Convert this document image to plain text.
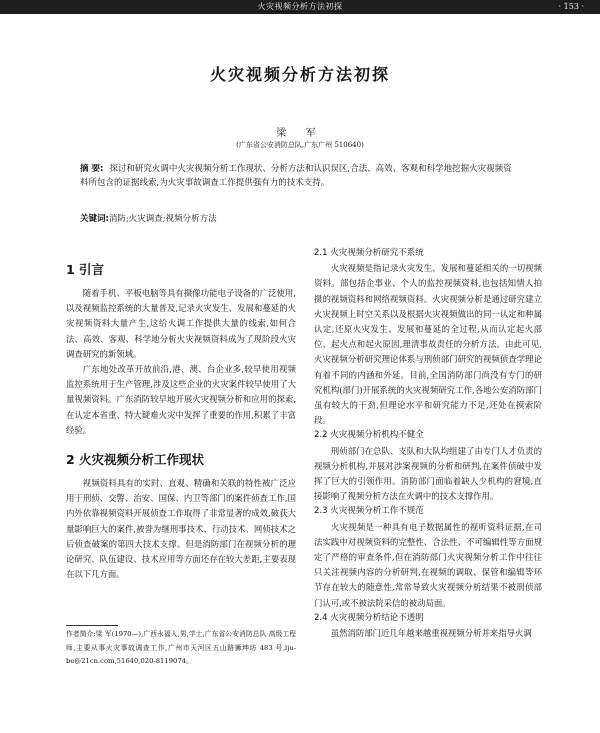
火灾视频分析方法初探	· 153 ·
火灾视频分析方法初探
梁 军
(广东省公安消防总队,广东广州 510640)
摘 要: 探讨和研究火调中火灾视频分析工作现状、分析方法和认识误区,合法、高效、客观和科学地挖掘火灾视频资料所包含的证据线索,为火灾事故调查工作提供强有力的技术支持。
关键词:消防;火灾调查;视频分析方法
1 引言

随着手机、平板电脑等具有摄像功能电子设备的广泛使用,以及视频监控系统的大量普及,记录火灾发生、发展和蔓延的火灾视频资料大量产生,这给火调工作提供大量的线索,如何合法、高效、客观、科学地分析火灾视频资料成为了现阶段火灾调查研究的新领域。

广东地处改革开放前沿,港、澳、台企业多,较早使用视频监控系统用于生产管理,涉及这些企业的火灾案件较早使用了大量视频资料。广东消防较早地开展火灾视频分析和应用的探索,在认定本省重、特大疑难火灾中发挥了重要的作用,积累了丰富经验。

2 火灾视频分析工作现状

视频资料具有的实时、直观、精确和关联的特性被广泛应用于刑侦、交警、治安、国保、内卫等部门的案件侦查工作,国内外依靠视频资料开展侦查工作取得了非常显著的成效,破获大量影响巨大的案件,被誉为继刑事技术、行动技术、网侦技术之后侦查破案的第四大技术支撑。但是消防部门在视频分析的理论研究、队伍建设、技术应用等方面还存在较大差距,主要表现在以下几方面。

作者简介:梁 军(1970—),广西永福人,男,学士,广东省公安消防总队 高级工程师,主要从事火灾事故调查工作,广州市天河区五山路狮坤坊 483 号,lju-be@21cn.com,51640,020-8119074。
2.1 火灾视频分析研究不系统

火灾视频是指记录火灾发生、发展和蔓延相关的一切视频资料。部包括企事业、个人的监控视频资料,也包括知情人拍摄的视频资料和网络视频资料。火灾视频分析是通过研究建立火灾视频上时空关系以及根据火灾视频做出的同一认定和种属认定,还原火灾发生、发展和蔓延的全过程,从而认定起火部位、起火点和起火原因,理清事故责任的分析方法。由此可见,火灾视频分析研究理论体系与刑侦部门研究的视频侦查学理论有着不同的内涵和外延。目前,全国消防部门尚没有专门的研究机构(部门)开展系统的火灾视频研究工作,各地公安消防部门虽有较大的干劲,但理论水平和研究能力不足,还处在摸索阶段。

2.2 火灾视频分析机构不健全

刑侦部门在总队、支队和大队均组建了由专门人才负责的视频分析机构,并展对涉案视频的分析和研判,在案件侦破中发挥了巨大的引领作用。消防部门面临着缺人少机构的窘境,直接影响了视频分析方法在火调中的技术支撑作用。

2.3 火灾视频分析工作不规范

火灾视频是一种具有电子数据属性的视听资料证据,在司法实践中对视频资料的完整性、合法性、不可编辑性等方面规定了严格的审查条件,但在消防部门火灾视频分析工作中往往只关注视频内容的分析研判,在视频的调取、保管和编辑等环节存在较大的随意性,常常导致火灾视频分析结果不被刑侦部门认可,或不被法院采信的被动局面。

2.4 火灾视频分析结论不透明

虽然消防部门近几年越来越重视视频分析并来指导火调
